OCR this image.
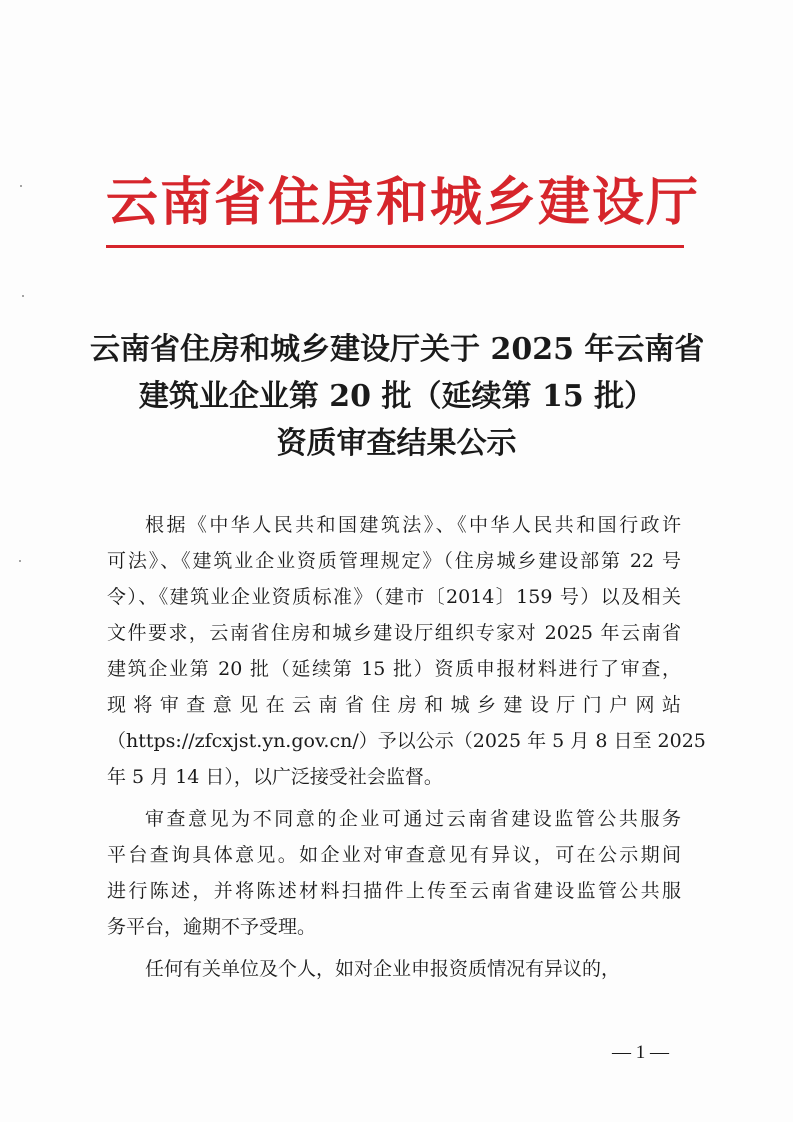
云南省住房和城乡建设厅
云南省住房和城乡建设厅关于 2025 年云南省
建筑业企业第 20 批（延续第 15 批）
资质审查结果公示
根据《中华人民共和国建筑法》、《中华人民共和国行政许
可法》、《建筑业企业资质管理规定》（住房城乡建设部第 22 号
令）、《建筑业企业资质标准》（建市〔2014〕159 号）以及相关
文件要求，云南省住房和城乡建设厅组织专家对 2025 年云南省
建筑企业第 20 批（延续第 15 批）资质申报材料进行了审查，
现将审查意见在云南省住房和城乡建设厅门户网站
（https://zfcxjst.yn.gov.cn/）予以公示（2025 年 5 月 8 日至 2025
年 5 月 14 日），以广泛接受社会监督。
审查意见为不同意的企业可通过云南省建设监管公共服务
平台查询具体意见。如企业对审查意见有异议，可在公示期间
进行陈述，并将陈述材料扫描件上传至云南省建设监管公共服
务平台，逾期不予受理。
任何有关单位及个人，如对企业申报资质情况有异议的，
— 1 —
